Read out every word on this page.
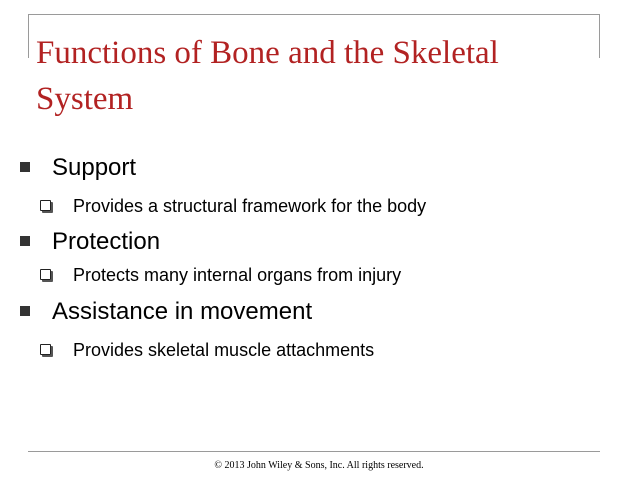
Functions of Bone and the Skeletal System
Support
Provides a structural framework for the body
Protection
Protects many internal organs from injury
Assistance in movement
Provides skeletal muscle attachments
© 2013 John Wiley & Sons, Inc. All rights reserved.
